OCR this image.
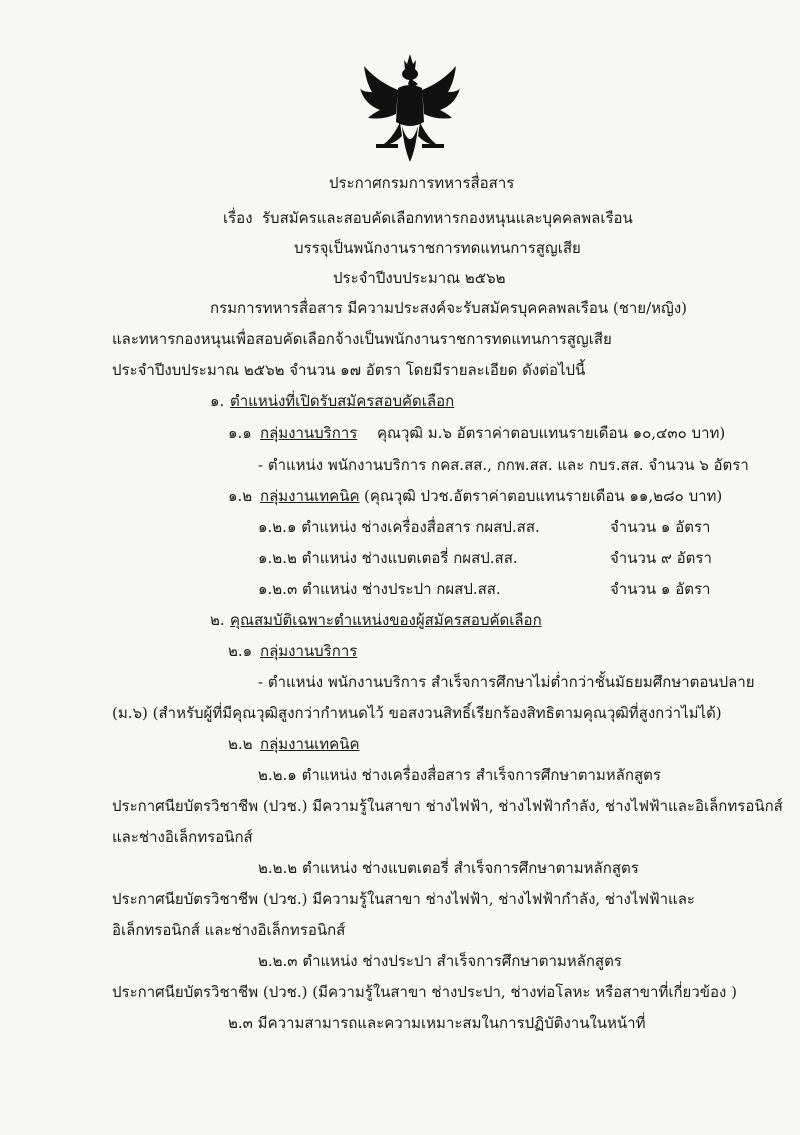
ประกาศกรมการทหารสื่อสาร
เรื่อง รับสมัครและสอบคัดเลือกทหารกองหนุนและบุคคลพลเรือน
บรรจุเป็นพนักงานราชการทดแทนการสูญเสีย
ประจำปีงบประมาณ ๒๕๖๒
กรมการทหารสื่อสาร มีความประสงค์จะรับสมัครบุคคลพลเรือน (ชาย/หญิง)
และทหารกองหนุนเพื่อสอบคัดเลือกจ้างเป็นพนักงานราชการทดแทนการสูญเสีย
ประจำปีงบประมาณ ๒๕๖๒ จำนวน ๑๗ อัตรา โดยมีรายละเอียด ดังต่อไปนี้
๑. ตำแหน่งที่เปิดรับสมัครสอบคัดเลือก
๑.๑ กลุ่มงานบริการ คุณวุฒิ ม.๖ อัตราค่าตอบแทนรายเดือน ๑๐,๔๓๐ บาท)
- ตำแหน่ง พนักงานบริการ กคส.สส., กกพ.สส. และ กบร.สส. จำนวน ๖ อัตรา
๑.๒ กลุ่มงานเทคนิค (คุณวุฒิ ปวช.อัตราค่าตอบแทนรายเดือน ๑๑,๒๘๐ บาท)
๑.๒.๑ ตำแหน่ง ช่างเครื่องสื่อสาร กผสป.สส.	จำนวน ๑ อัตรา
๑.๒.๒ ตำแหน่ง ช่างแบตเตอรี่ กผสป.สส.	จำนวน ๙ อัตรา
๑.๒.๓ ตำแหน่ง ช่างประปา กผสป.สส.	จำนวน ๑ อัตรา
๒. คุณสมบัติเฉพาะตำแหน่งของผู้สมัครสอบคัดเลือก
๒.๑ กลุ่มงานบริการ
- ตำแหน่ง พนักงานบริการ สำเร็จการศึกษาไม่ต่ำกว่าชั้นมัธยมศึกษาตอนปลาย
(ม.๖) (สำหรับผู้ที่มีคุณวุฒิสูงกว่ากำหนดไว้ ขอสงวนสิทธิ์เรียกร้องสิทธิตามคุณวุฒิที่สูงกว่าไม่ได้)
๒.๒ กลุ่มงานเทคนิค
๒.๒.๑ ตำแหน่ง ช่างเครื่องสื่อสาร สำเร็จการศึกษาตามหลักสูตร
ประกาศนียบัตรวิชาชีพ (ปวช.) มีความรู้ในสาขา ช่างไฟฟ้า, ช่างไฟฟ้ากำลัง, ช่างไฟฟ้าและอิเล็กทรอนิกส์
และช่างอิเล็กทรอนิกส์
๒.๒.๒ ตำแหน่ง ช่างแบตเตอรี่ สำเร็จการศึกษาตามหลักสูตร
ประกาศนียบัตรวิชาชีพ (ปวช.) มีความรู้ในสาขา ช่างไฟฟ้า, ช่างไฟฟ้ากำลัง, ช่างไฟฟ้าและ
อิเล็กทรอนิกส์ และช่างอิเล็กทรอนิกส์
๒.๒.๓ ตำแหน่ง ช่างประปา สำเร็จการศึกษาตามหลักสูตร
ประกาศนียบัตรวิชาชีพ (ปวช.) (มีความรู้ในสาขา ช่างประปา, ช่างท่อโลหะ หรือสาขาที่เกี่ยวข้อง )
๒.๓ มีความสามารถและความเหมาะสมในการปฏิบัติงานในหน้าที่
